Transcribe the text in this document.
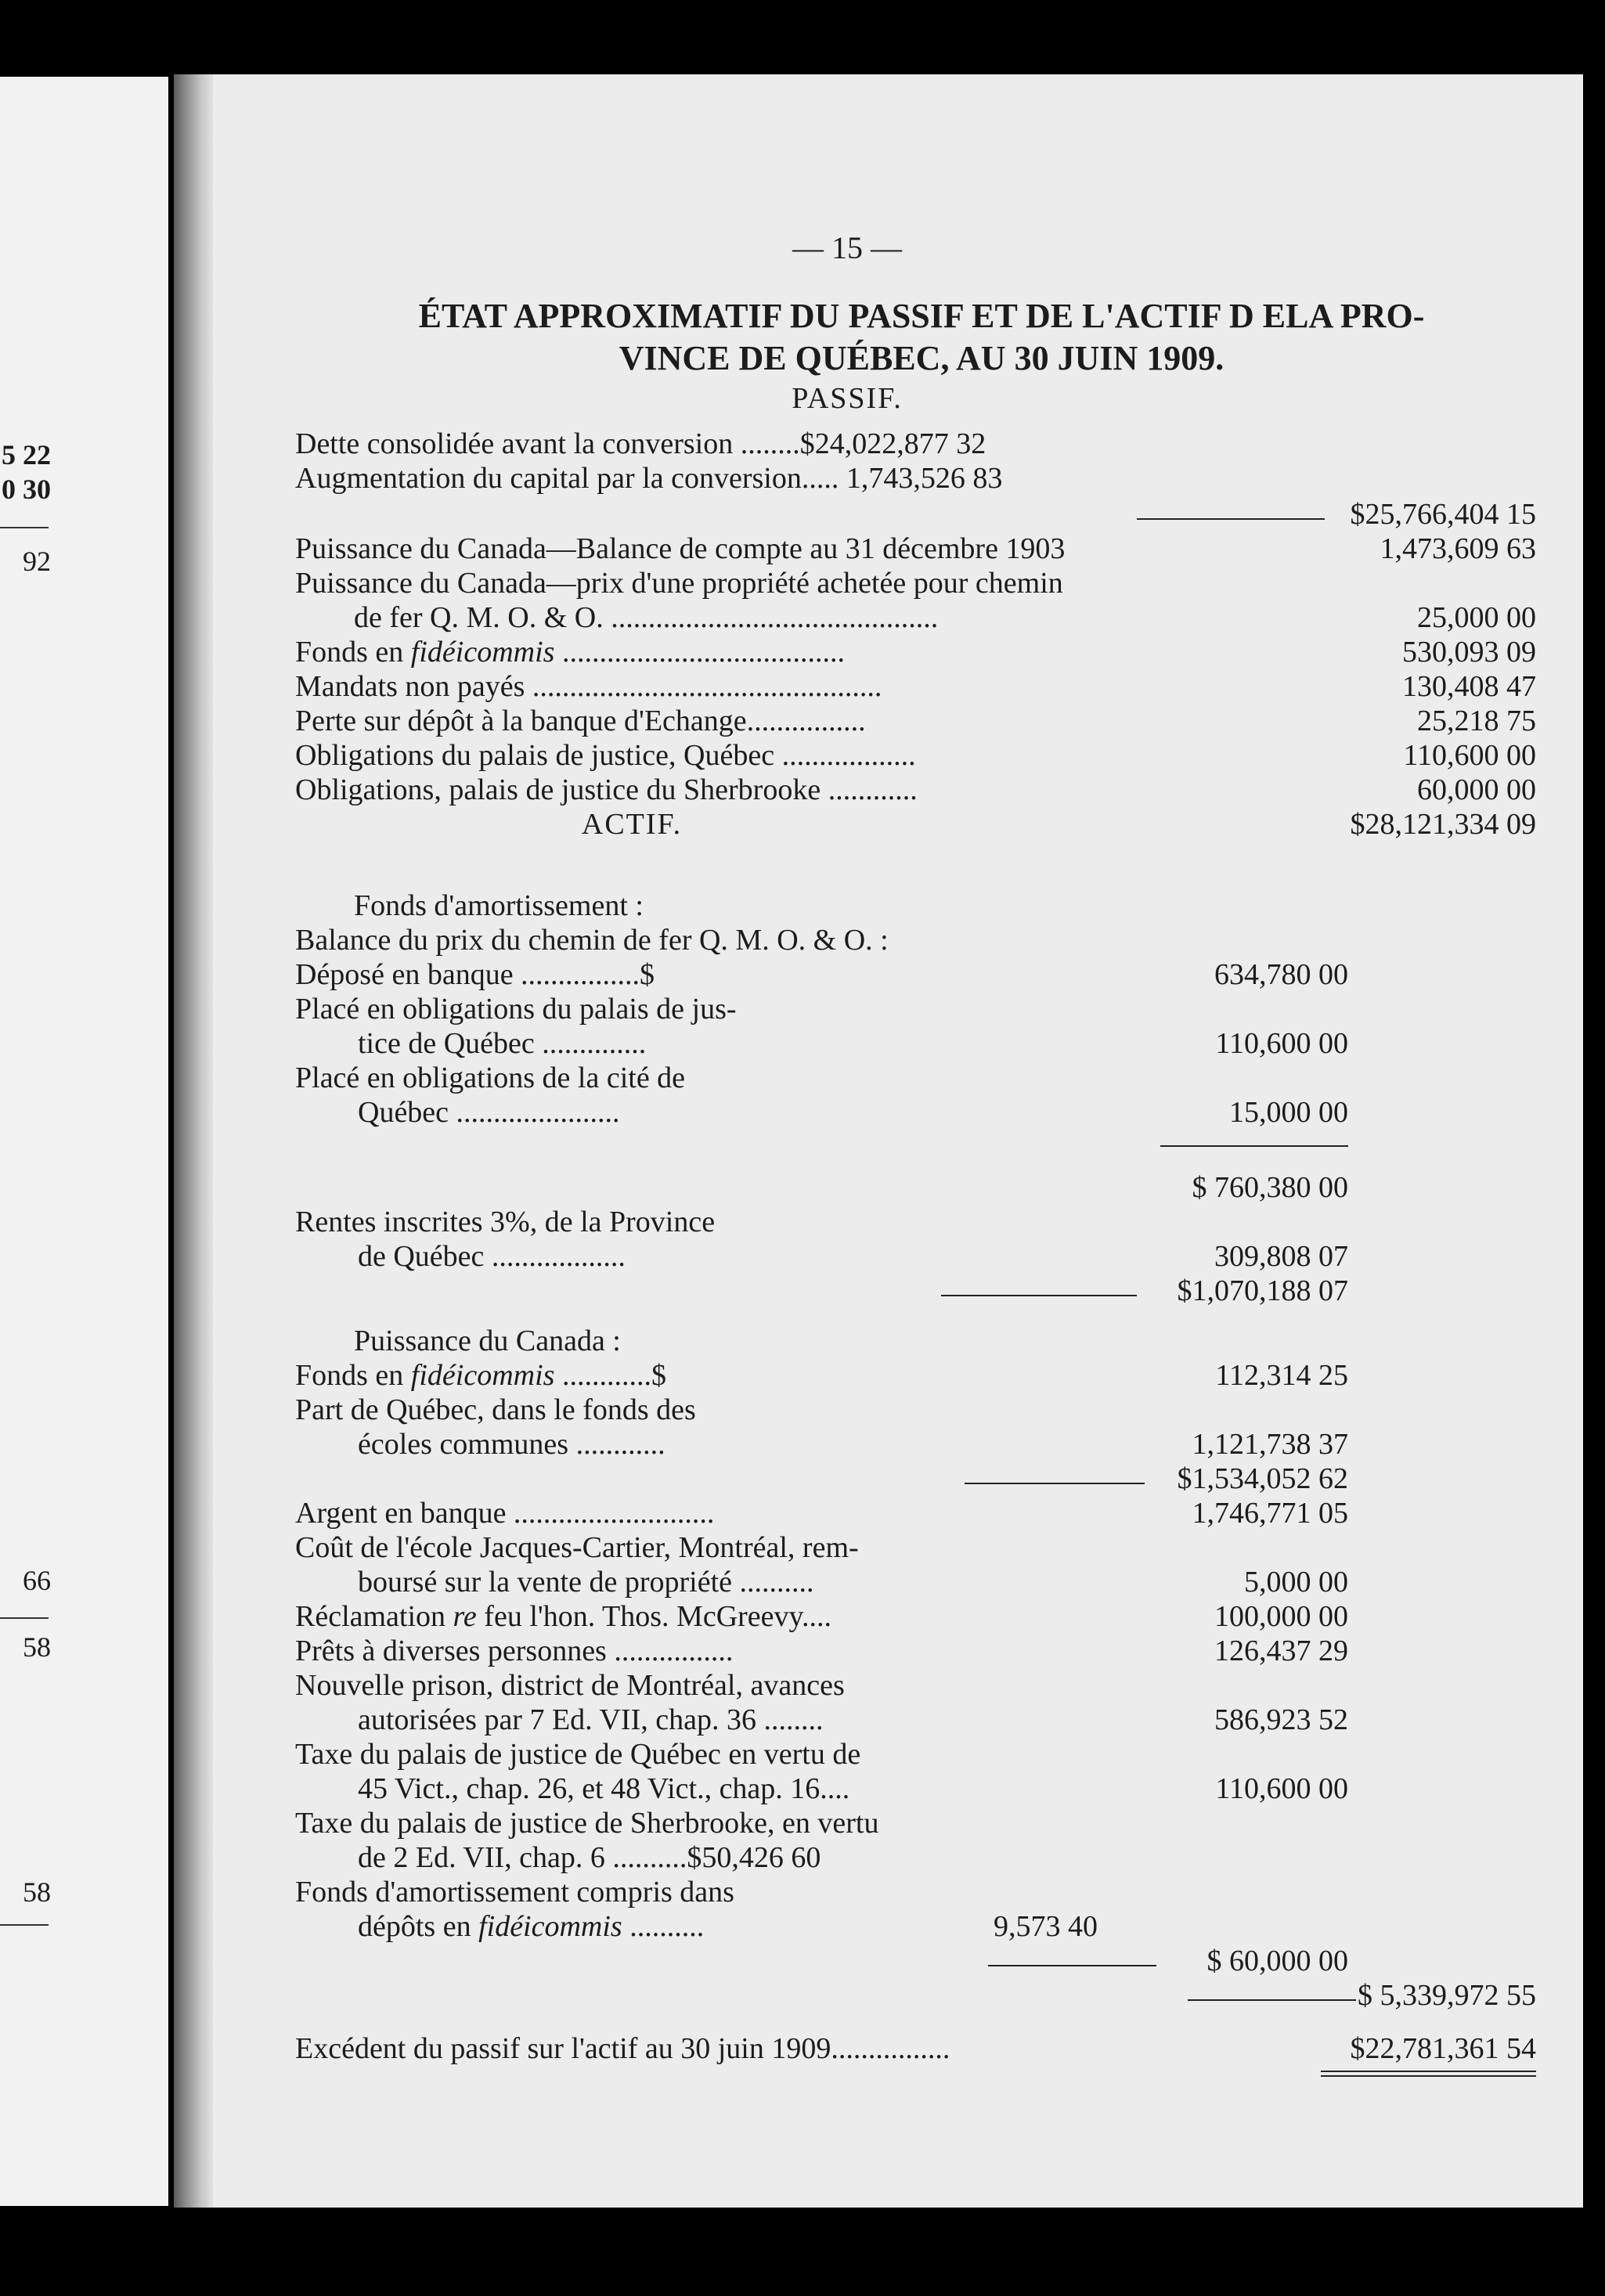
5 22
0 30
92
66
58
58
— 15 —
ÉTAT APPROXIMATIF DU PASSIF ET DE L'ACTIF D ELA PRO-
VINCE DE QUÉBEC, AU 30 JUIN 1909.
PASSIF.
Dette consolidée avant la conversion ........$24,022,877 32
Augmentation du capital par la conversion..... 1,743,526 83
$25,766,404 15
Puissance du Canada—Balance de compte au 31 décembre 1903	1,473,609 63
Puissance du Canada—prix d'une propriété achetée pour chemin
de fer Q. M. O. & O. ............................................	25,000 00
Fonds en fidéicommis ......................................	530,093 09
Mandats non payés ...............................................	130,408 47
Perte sur dépôt à la banque d'Echange................	25,218 75
Obligations du palais de justice, Québec ..................	110,600 00
Obligations, palais de justice du Sherbrooke ............	60,000 00
ACTIF.	$28,121,334 09
Fonds d'amortissement :
Balance du prix du chemin de fer Q. M. O. & O. :
Déposé en banque ................$	634,780 00
Placé en obligations du palais de jus-
tice de Québec ..............	110,600 00
Placé en obligations de la cité de
Québec ......................	15,000 00
$ 760,380 00
Rentes inscrites 3%, de la Province
de Québec ..................	309,808 07
$1,070,188 07
Puissance du Canada :
Fonds en fidéicommis ............$	112,314 25
Part de Québec, dans le fonds des
écoles communes ............	1,121,738 37
$1,534,052 62
Argent en banque ...........................	1,746,771 05
Coût de l'école Jacques-Cartier, Montréal, rem-
boursé sur la vente de propriété ..........	5,000 00
Réclamation re feu l'hon. Thos. McGreevy....	100,000 00
Prêts à diverses personnes ................	126,437 29
Nouvelle prison, district de Montréal, avances
autorisées par 7 Ed. VII, chap. 36 ........	586,923 52
Taxe du palais de justice de Québec en vertu de
45 Vict., chap. 26, et 48 Vict., chap. 16....	110,600 00
Taxe du palais de justice de Sherbrooke, en vertu
de 2 Ed. VII, chap. 6 ..........$50,426 60
Fonds d'amortissement compris dans
dépôts en fidéicommis ..........	9,573 40
$ 60,000 00
$ 5,339,972 55
Excédent du passif sur l'actif au 30 juin 1909................	$22,781,361 54
